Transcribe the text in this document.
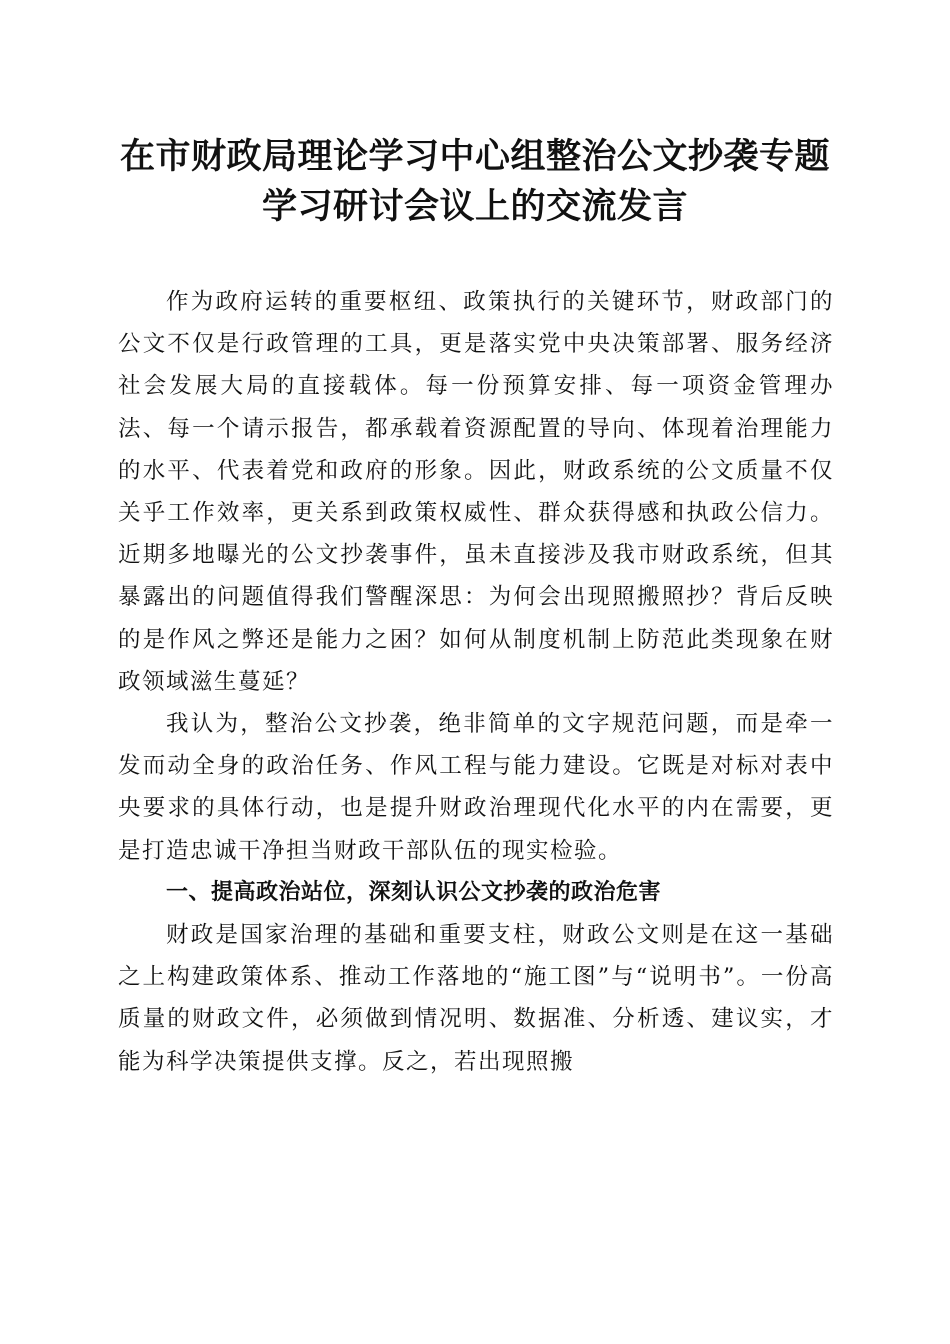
在市财政局理论学习中心组整治公文抄袭专题
学习研讨会议上的交流发言

作为政府运转的重要枢纽、政策执行的关键环节，财政部门的公文不仅是行政管理的工具，更是落实党中央决策部署、服务经济社会发展大局的直接载体。每一份预算安排、每一项资金管理办法、每一个请示报告，都承载着资源配置的导向、体现着治理能力的水平、代表着党和政府的形象。因此，财政系统的公文质量不仅关乎工作效率，更关系到政策权威性、群众获得感和执政公信力。近期多地曝光的公文抄袭事件，虽未直接涉及我市财政系统，但其暴露出的问题值得我们警醒深思：为何会出现照搬照抄？背后反映的是作风之弊还是能力之困？如何从制度机制上防范此类现象在财政领域滋生蔓延？

我认为，整治公文抄袭，绝非简单的文字规范问题，而是牵一发而动全身的政治任务、作风工程与能力建设。它既是对标对表中央要求的具体行动，也是提升财政治理现代化水平的内在需要，更是打造忠诚干净担当财政干部队伍的现实检验。

一、提高政治站位，深刻认识公文抄袭的政治危害

财政是国家治理的基础和重要支柱，财政公文则是在这一基础之上构建政策体系、推动工作落地的“施工图”与“说明书”。一份高质量的财政文件，必须做到情况明、数据准、分析透、建议实，才能为科学决策提供支撑。反之，若出现照搬
